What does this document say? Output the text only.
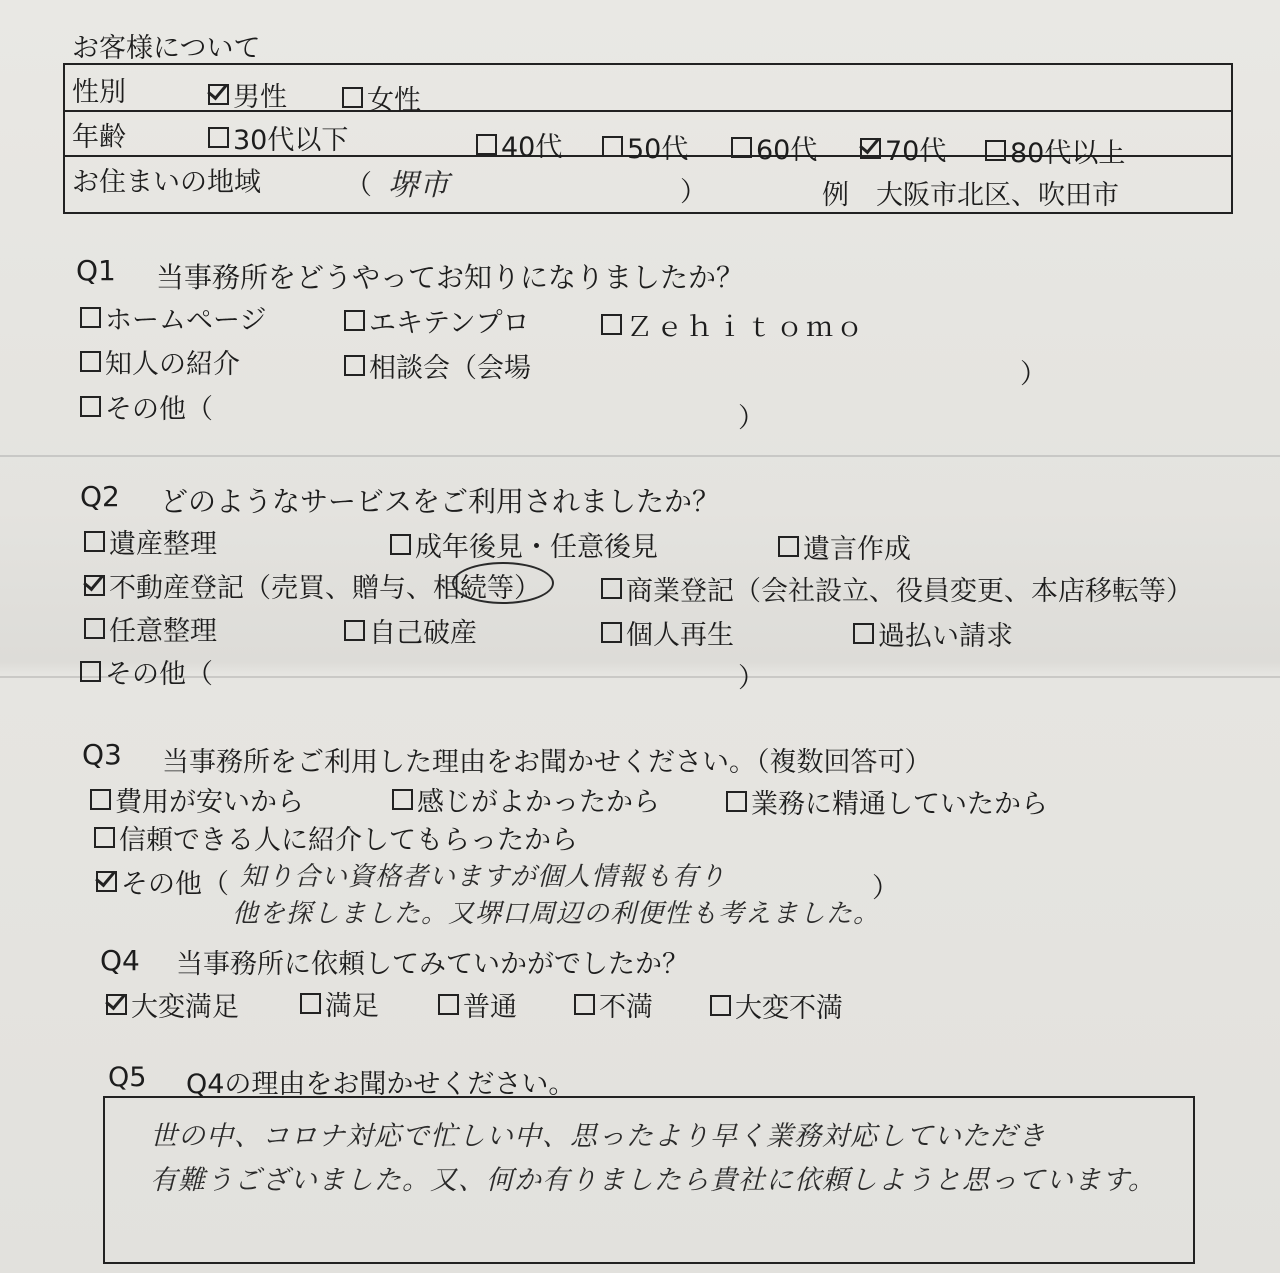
お客様について
性別	男性	女性
年齢	30代以下	40代 50代	60代	70代 80代以上
お住まいの地域	（ 堺市	）	例　大阪市北区、吹田市
Q1 当事務所をどうやってお知りになりましたか？
ホームページ	エキテンプロ	Ｚｅｈｉｔｏｍｏ
知人の紹介	相談会（会場	）
その他（	）
Q2 どのようなサービスをご利用されましたか？
遺産整理	成年後見・任意後見	遺言作成
不動産登記（売買、贈与、相続等）	商業登記（会社設立、役員変更、本店移転等）
任意整理	自己破産	個人再生	過払い請求
その他（	）
Q3 当事務所をご利用した理由をお聞かせください。（複数回答可）
費用が安いから	感じがよかったから	業務に精通していたから
信頼できる人に紹介してもらったから
その他（ 知り合い資格者いますが個人情報も有り	）
他を探しました。又堺口周辺の利便性も考えました。
Q4 当事務所に依頼してみていかがでしたか？
大変満足	満足	普通	不満	大変不満
Q5 Q4の理由をお聞かせください。
世の中、コロナ対応で忙しい中、思ったより早く業務対応していただき
有難うございました。又、何か有りましたら貴社に依頼しようと思っています。
